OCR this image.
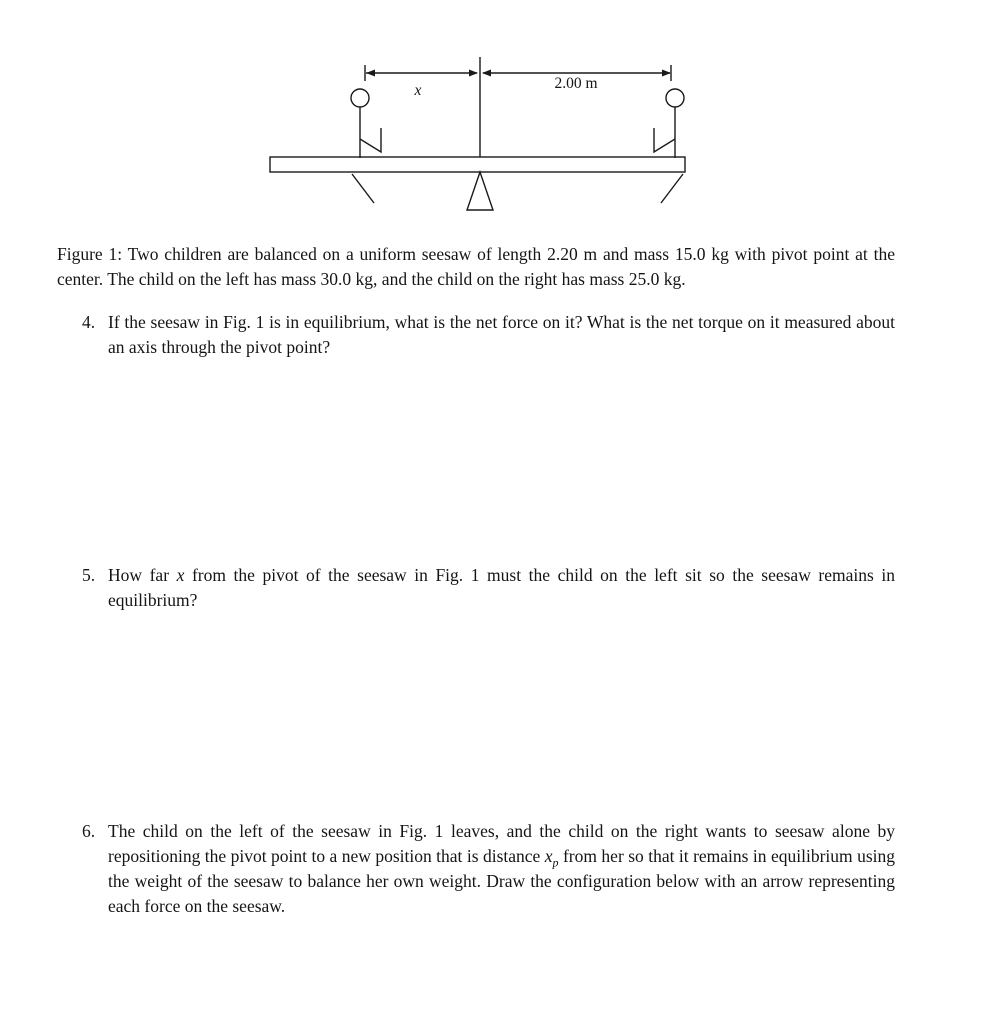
x	2.00 m

Figure 1: Two children are balanced on a uniform seesaw of length 2.20 m and mass 15.0 kg with pivot point at the center. The child on the left has mass 30.0 kg, and the child on the right has mass 25.0 kg.

4. If the seesaw in Fig. 1 is in equilibrium, what is the net force on it? What is the net torque on it measured about an axis through the pivot point?
5. How far x from the pivot of the seesaw in Fig. 1 must the child on the left sit so the seesaw remains in equilibrium?
6. The child on the left of the seesaw in Fig. 1 leaves, and the child on the right wants to seesaw alone by repositioning the pivot point to a new position that is distance $x_p$ from her so that it remains in equilibrium using the weight of the seesaw to balance her own weight. Draw the configuration below with an arrow representing each force on the seesaw.
